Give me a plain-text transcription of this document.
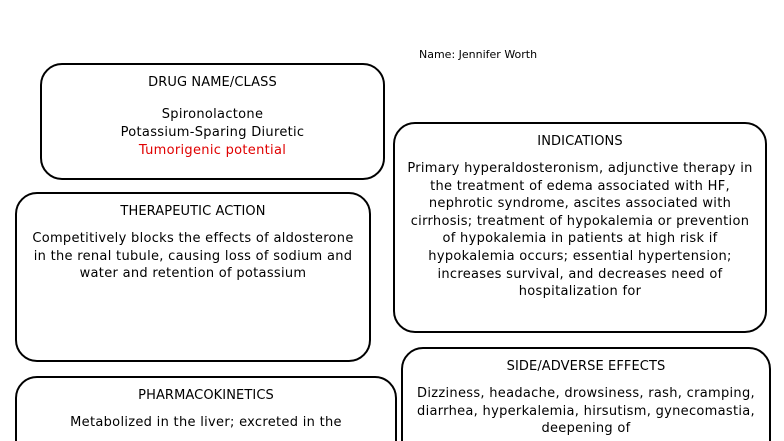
Name: Jennifer Worth
DRUG NAME/CLASS
Spironolactone
Potassium-Sparing Diuretic
Tumorigenic potential
THERAPEUTIC ACTION
Competitively blocks the effects of aldosterone in the renal tubule, causing loss of sodium and water and retention of potassium
INDICATIONS
Primary hyperaldosteronism, adjunctive therapy in the treatment of edema associated with HF, nephrotic syndrome, ascites associated with cirrhosis; treatment of hypokalemia or prevention of hypokalemia in patients at high risk if hypokalemia occurs; essential hypertension; increases survival, and decreases need of hospitalization for
PHARMACOKINETICS
Metabolized in the liver; excreted in the
SIDE/ADVERSE EFFECTS
Dizziness, headache, drowsiness, rash, cramping, diarrhea, hyperkalemia, hirsutism, gynecomastia, deepening of
